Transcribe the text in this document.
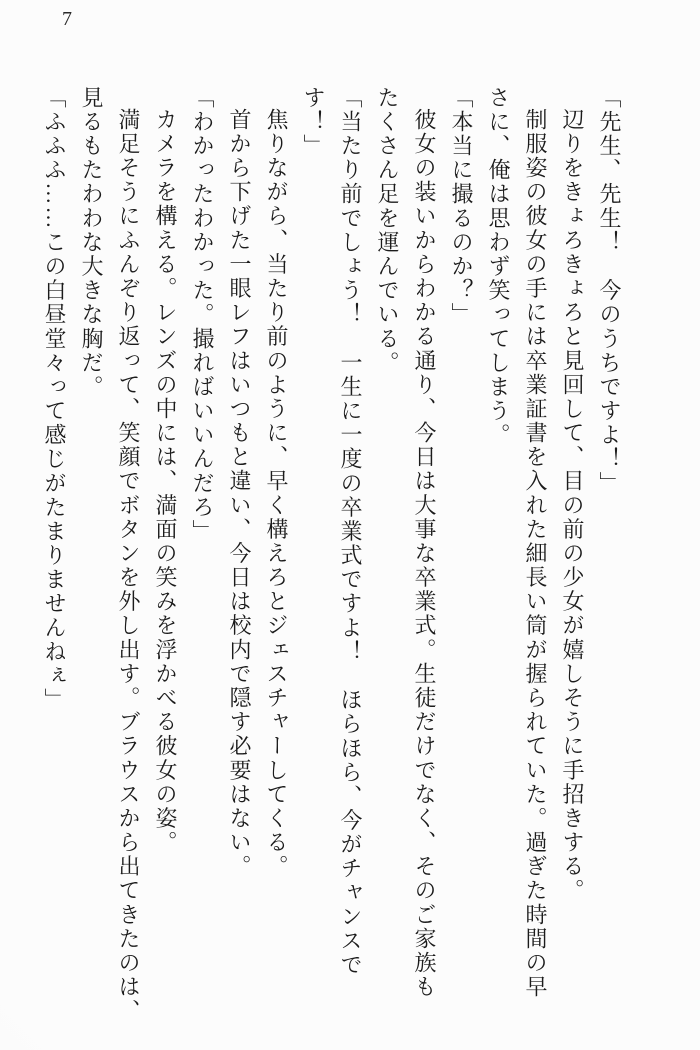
7

「先生、先生！　今のうちですよ！」

辺りをきょろきょろと見回して、目の前の少女が嬉しそうに手招きする。

制服姿の彼女の手には卒業証書を入れた細長い筒が握られていた。過ぎた時間の早

さに、俺は思わず笑ってしまう。

「本当に撮るのか？」

彼女の装いからわかる通り、今日は大事な卒業式。生徒だけでなく、そのご家族も

たくさん足を運んでいる。

「当たり前でしょう！　一生に一度の卒業式ですよ！　ほらほら、今がチャンスで

す！」

焦りながら、当たり前のように、早く構えろとジェスチャーしてくる。

首から下げた一眼レフはいつもと違い、今日は校内で隠す必要はない。

「わかったわかった。撮ればいいんだろ」

カメラを構える。レンズの中には、満面の笑みを浮かべる彼女の姿。

満足そうにふんぞり返って、笑顔でボタンを外し出す。ブラウスから出てきたのは、

見るもたわわな大きな胸だ。

「ふふふ……この白昼堂々って感じがたまりませんねぇ」
